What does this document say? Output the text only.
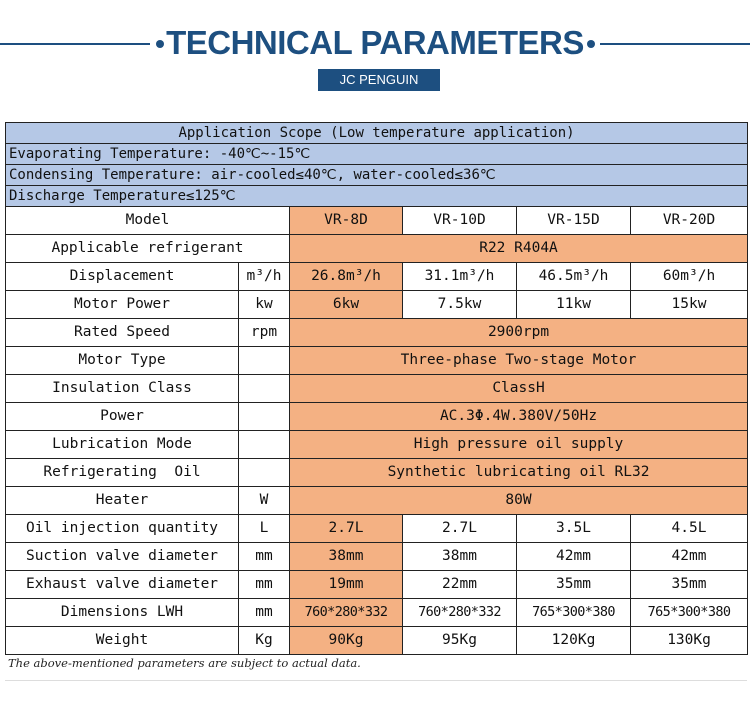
TECHNICAL PARAMETERS
JC PENGUIN
Application Scope (Low temperature application)					
Evaporating Temperature: -40℃~-15℃					
Condensing Temperature: air-cooled≤40℃, water-cooled≤36℃					
Discharge Temperature≤125℃					
Model		VR-8D	VR-10D	VR-15D	VR-20D
Applicable refrigerant		R22 R404A			
Displacement	m³/h	26.8m³/h	31.1m³/h	46.5m³/h	60m³/h
Motor Power	kw	6kw	7.5kw	11kw	15kw
Rated Speed	rpm	2900rpm			
Motor Type		Three-phase Two-stage Motor			
Insulation Class		ClassH			
Power		AC.3Φ.4W.380V/50Hz			
Lubrication Mode		High pressure oil supply			
Refrigerating  Oil		Synthetic lubricating oil RL32			
Heater	W	80W			
Oil injection quantity	L	2.7L	2.7L	3.5L	4.5L
Suction valve diameter	mm	38mm	38mm	42mm	42mm
Exhaust valve diameter	mm	19mm	22mm	35mm	35mm
Dimensions LWH	mm	760*280*332	760*280*332	765*300*380	765*300*380
Weight	Kg	90Kg	95Kg	120Kg	130Kg
The above-mentioned parameters are subject to actual data.
